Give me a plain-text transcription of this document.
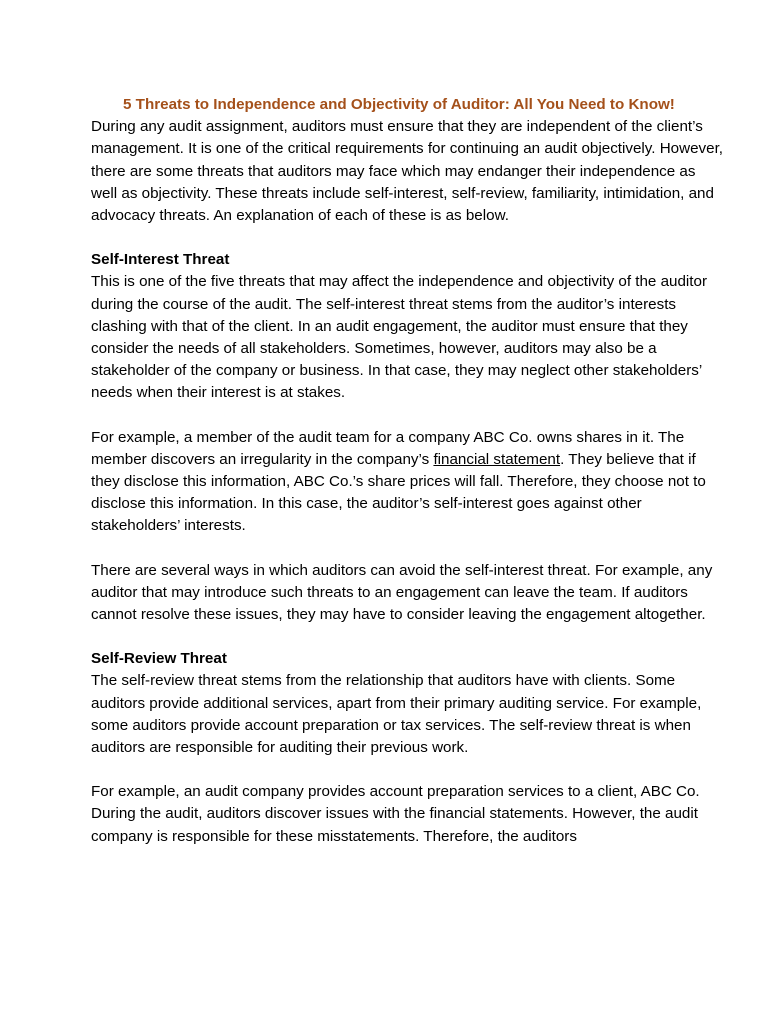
5 Threats to Independence and Objectivity of Auditor: All You Need to Know!

During any audit assignment, auditors must ensure that they are independent of the client’s management. It is one of the critical requirements for continuing an audit objectively. However, there are some threats that auditors may face which may endanger their independence as well as objectivity. These threats include self-interest, self-review, familiarity, intimidation, and advocacy threats. An explanation of each of these is as below.

Self-Interest Threat

This is one of the five threats that may affect the independence and objectivity of the auditor during the course of the audit. The self-interest threat stems from the auditor’s interests clashing with that of the client. In an audit engagement, the auditor must ensure that they consider the needs of all stakeholders. Sometimes, however, auditors may also be a stakeholder of the company or business. In that case, they may neglect other stakeholders’ needs when their interest is at stakes.

For example, a member of the audit team for a company ABC Co. owns shares in it. The member discovers an irregularity in the company’s financial statement. They believe that if they disclose this information, ABC Co.’s share prices will fall. Therefore, they choose not to disclose this information. In this case, the auditor’s self-interest goes against other stakeholders’ interests.

There are several ways in which auditors can avoid the self-interest threat. For example, any auditor that may introduce such threats to an engagement can leave the team. If auditors cannot resolve these issues, they may have to consider leaving the engagement altogether.

Self-Review Threat

The self-review threat stems from the relationship that auditors have with clients. Some auditors provide additional services, apart from their primary auditing service. For example, some auditors provide account preparation or tax services. The self-review threat is when auditors are responsible for auditing their previous work.

For example, an audit company provides account preparation services to a client, ABC Co. During the audit, auditors discover issues with the financial statements. However, the audit company is responsible for these misstatements. Therefore, the auditors
